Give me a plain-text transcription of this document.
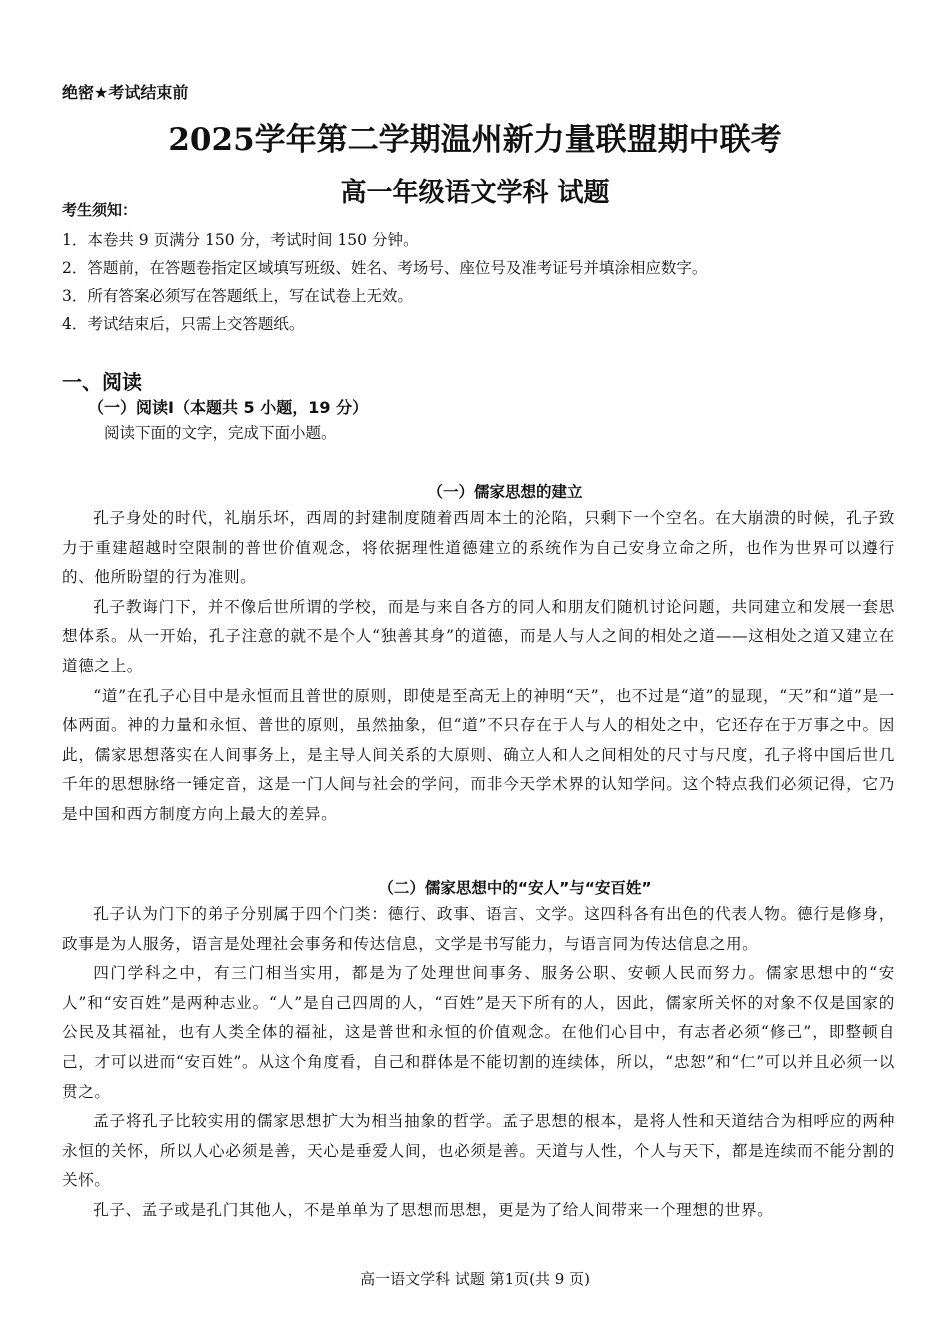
绝密★考试结束前
2025学年第二学期温州新力量联盟期中联考
高一年级语文学科 试题
考生须知：
1．本卷共 9 页满分 150 分，考试时间 150 分钟。
2．答题前，在答题卷指定区域填写班级、姓名、考场号、座位号及准考证号并填涂相应数字。
3．所有答案必须写在答题纸上，写在试卷上无效。
4．考试结束后，只需上交答题纸。
一、阅读
（一）阅读Ⅰ（本题共 5 小题，19 分）
阅读下面的文字，完成下面小题。
（一）儒家思想的建立

孔子身处的时代，礼崩乐坏，西周的封建制度随着西周本土的沦陷，只剩下一个空名。在大崩溃的时候，孔子致力于重建超越时空限制的普世价值观念，将依据理性道德建立的系统作为自己安身立命之所，也作为世界可以遵行的、他所盼望的行为准则。

孔子教诲门下，并不像后世所谓的学校，而是与来自各方的同人和朋友们随机讨论问题，共同建立和发展一套思想体系。从一开始，孔子注意的就不是个人“独善其身”的道德，而是人与人之间的相处之道——这相处之道又建立在道德之上。

“道”在孔子心目中是永恒而且普世的原则，即使是至高无上的神明“天”，也不过是“道”的显现，“天”和“道”是一体两面。神的力量和永恒、普世的原则，虽然抽象，但“道”不只存在于人与人的相处之中，它还存在于万事之中。因此，儒家思想落实在人间事务上，是主导人间关系的大原则、确立人和人之间相处的尺寸与尺度，孔子将中国后世几千年的思想脉络一锤定音，这是一门人间与社会的学问，而非今天学术界的认知学问。这个特点我们必须记得，它乃是中国和西方制度方向上最大的差异。

（二）儒家思想中的“安人”与“安百姓”

孔子认为门下的弟子分别属于四个门类：德行、政事、语言、文学。这四科各有出色的代表人物。德行是修身，政事是为人服务，语言是处理社会事务和传达信息，文学是书写能力，与语言同为传达信息之用。

四门学科之中，有三门相当实用，都是为了处理世间事务、服务公职、安顿人民而努力。儒家思想中的“安人”和“安百姓”是两种志业。“人”是自己四周的人，“百姓”是天下所有的人，因此，儒家所关怀的对象不仅是国家的公民及其福祉，也有人类全体的福祉，这是普世和永恒的价值观念。在他们心目中，有志者必须“修己”，即整顿自己，才可以进而“安百姓”。从这个角度看，自己和群体是不能切割的连续体，所以，“忠恕”和“仁”可以并且必须一以贯之。

孟子将孔子比较实用的儒家思想扩大为相当抽象的哲学。孟子思想的根本，是将人性和天道结合为相呼应的两种永恒的关怀，所以人心必须是善，天心是垂爱人间，也必须是善。天道与人性，个人与天下，都是连续而不能分割的关怀。

孔子、孟子或是孔门其他人，不是单单为了思想而思想，更是为了给人间带来一个理想的世界。

高一语文学科 试题 第1页(共 9 页)
